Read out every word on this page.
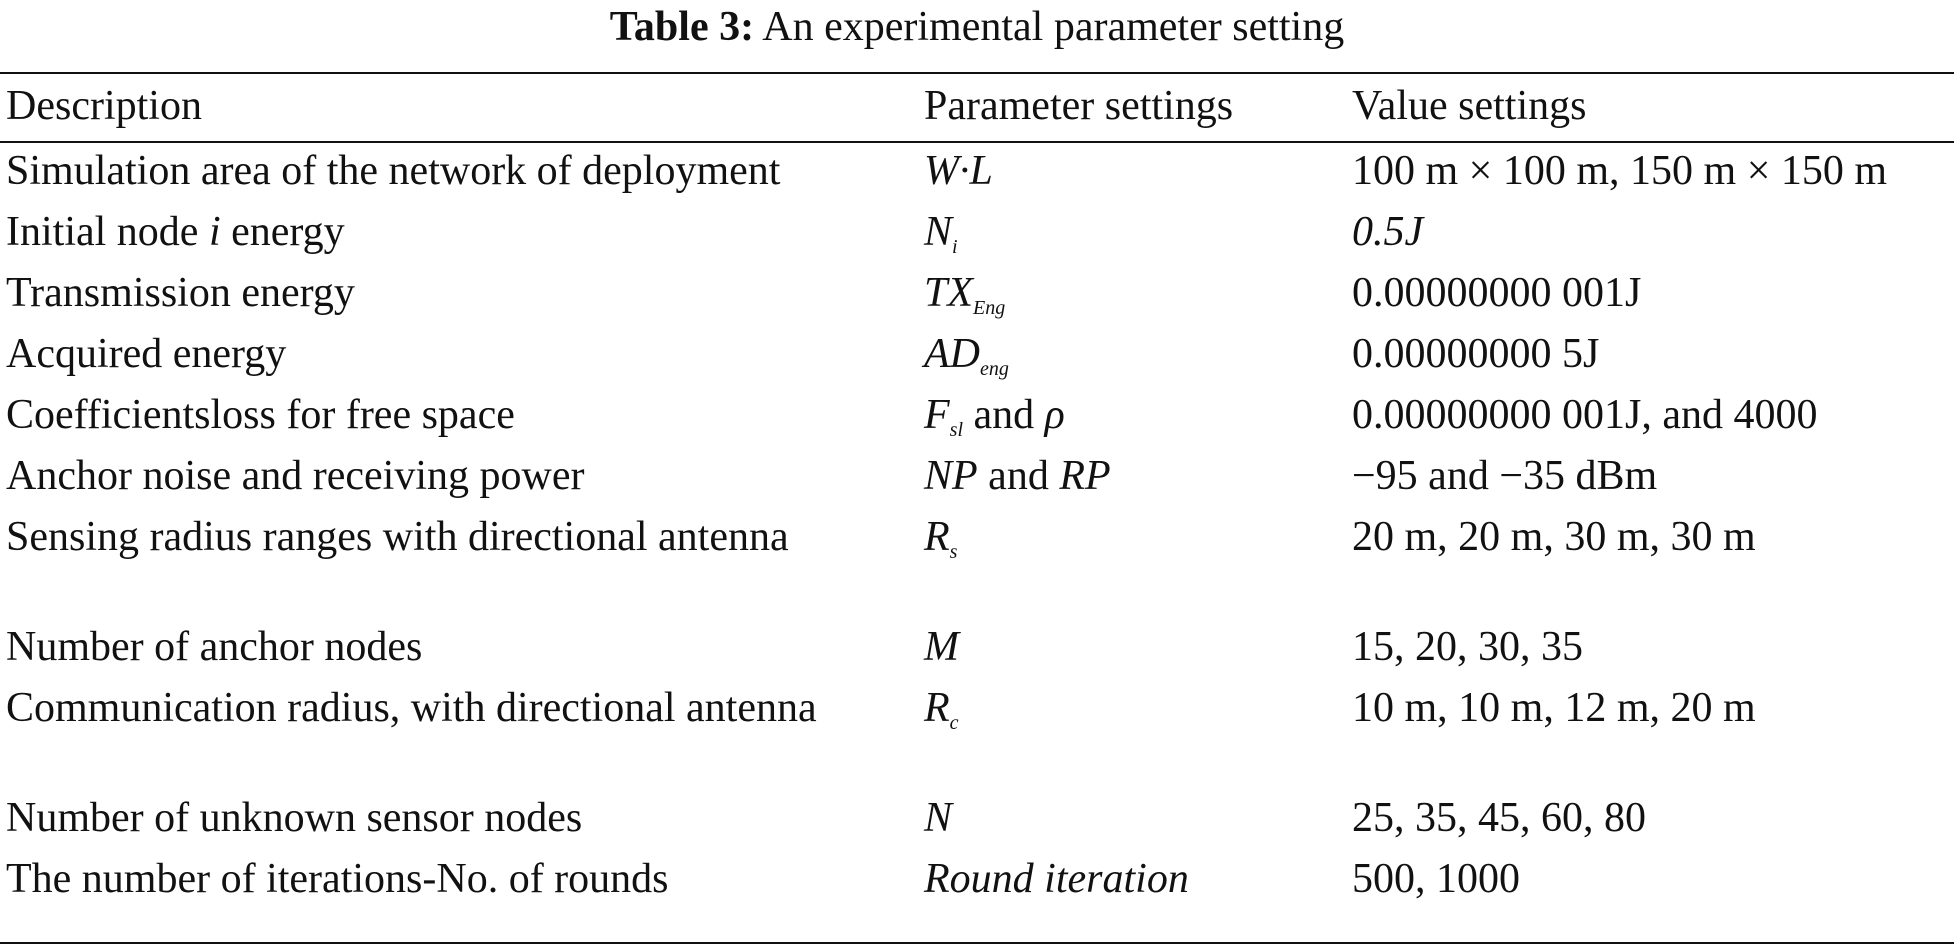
Table 3: An experimental parameter setting
Description	Parameter settings	Value settings
Simulation area of the network of deployment	W·L	100 m × 100 m, 150 m × 150 m
Initial node i energy	$N_i$	0.5J
Transmission energy	$TX_{Eng}$	0.00000000 001J
Acquired energy	$AD_{eng}$	0.00000000 5J
Coefficientsloss for free space	$F_{sl}$ and ρ	0.00000000 001J, and 4000
Anchor noise and receiving power	NP and RP	−95 and −35 dBm
Sensing radius ranges with directional antenna	$R_s$	20 m, 20 m, 30 m, 30 m
Number of anchor nodes	M	15, 20, 30, 35
Communication radius, with directional antenna	$R_c$	10 m, 10 m, 12 m, 20 m
Number of unknown sensor nodes	N	25, 35, 45, 60, 80
The number of iterations-No. of rounds	Round iteration	500, 1000
